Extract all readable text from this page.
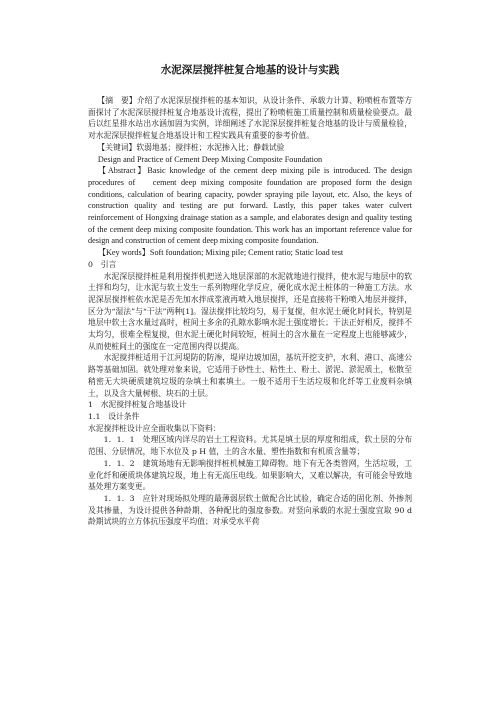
水泥深层搅拌桩复合地基的设计与实践

【摘　要】介绍了水泥深层搅拌桩的基本知识，从设计条件、承载力计算、粉喷桩布置等方面探讨了水泥深层搅拌桩复合地基设计流程，提出了粉喷桩施工质量控制和质量检验要点。最后以红星排水站出水涵加固为实例，详细阐述了水泥深层搅拌桩复合地基的设计与质量检验，对水泥深层搅拌桩复合地基设计和工程实践具有重要的参考价值。

【关键词】软弱地基；搅拌桩；水泥掺入比；静载试验

Design and Practice of Cement Deep Mixing Composite Foundation

【Abstract】Basic knowledge of the cement deep mixing pile is introduced. The design procedures of　 cement deep mixing composite foundation are proposed form the design conditions, calculation of bearing capacity, powder spraying pile layout, etc. Also, the keys of construction quality and testing are put forward. Lastly, this paper takes water culvert reinforcement of Hongxing drainage station as a sample, and elaborates design and quality testing of the cement deep mixing composite foundation. This work has an important reference value for design and construction of cement deep mixing composite foundation.

【Key words】Soft foundation; Mixing pile; Cement ratio; Static load test

0　引言

水泥深层搅拌桩是利用搅拌机把送入地层深部的水泥就地进行搅拌，使水泥与地层中的软土拌和均匀，让水泥与软土发生一系列物理化学反应，硬化成水泥土桩体的一种施工方法。水泥深层搅拌桩依水泥是否先加水拌成浆液再喷入地层搅拌，还是直接将干粉喷入地层并搅拌，区分为“湿法”与“干法”两种[1]。湿法搅拌比较均匀，易于复搅，但水泥土硬化时间长，特别是地层中软土含水量过高时，桩间土多余的孔隙水影响水泥土强度增长；干法正好相反，搅拌不太均匀，很难全程复搅，但水泥土硬化时间较短，桩间土的含水量在一定程度上也能够减少，从而使桩间土的强度在一定范围内得以提高。

水泥搅拌桩适用于江河堤防的防渗，堤岸边坡加固，基坑开挖支护，水利、港口、高速公路等基础加固。就处理对象来说，它适用于砂性土、粘性土、粉土、淤泥、淤泥质土，松散至稍密无大块硬质建筑垃圾的杂填土和素填土。一般不适用于生活垃圾和化纤等工业废料杂填土，以及含大量树根、块石的土层。

1　水泥搅拌桩复合地基设计

1.1　设计条件

水泥搅拌桩设计应全面收集以下资料：

1．1．1　处理区域内详尽的岩土工程资料。尤其是填土层的厚度和组成，软土层的分布范围、分层情况，地下水位及 p H 值，土的含水量、塑性指数和有机质含量等；

1．1．2　建筑场地有无影响搅拌桩机械施工障碍物。地下有无各类管网，生活垃圾，工业化纤和硬质块体建筑垃圾，地上有无高压电线。如果影响大，又难以解决，有可能会导致地基处理方案变更。

1．1．3　应针对现场拟处理的最薄弱层软土做配合比试验，确定合适的固化剂、外掺剂及其掺量，为设计提供各种龄期、各种配比的强度参数。对竖向承载的水泥土强度宜取 90 d 龄期试块的立方体抗压强度平均值；对承受水平荷
